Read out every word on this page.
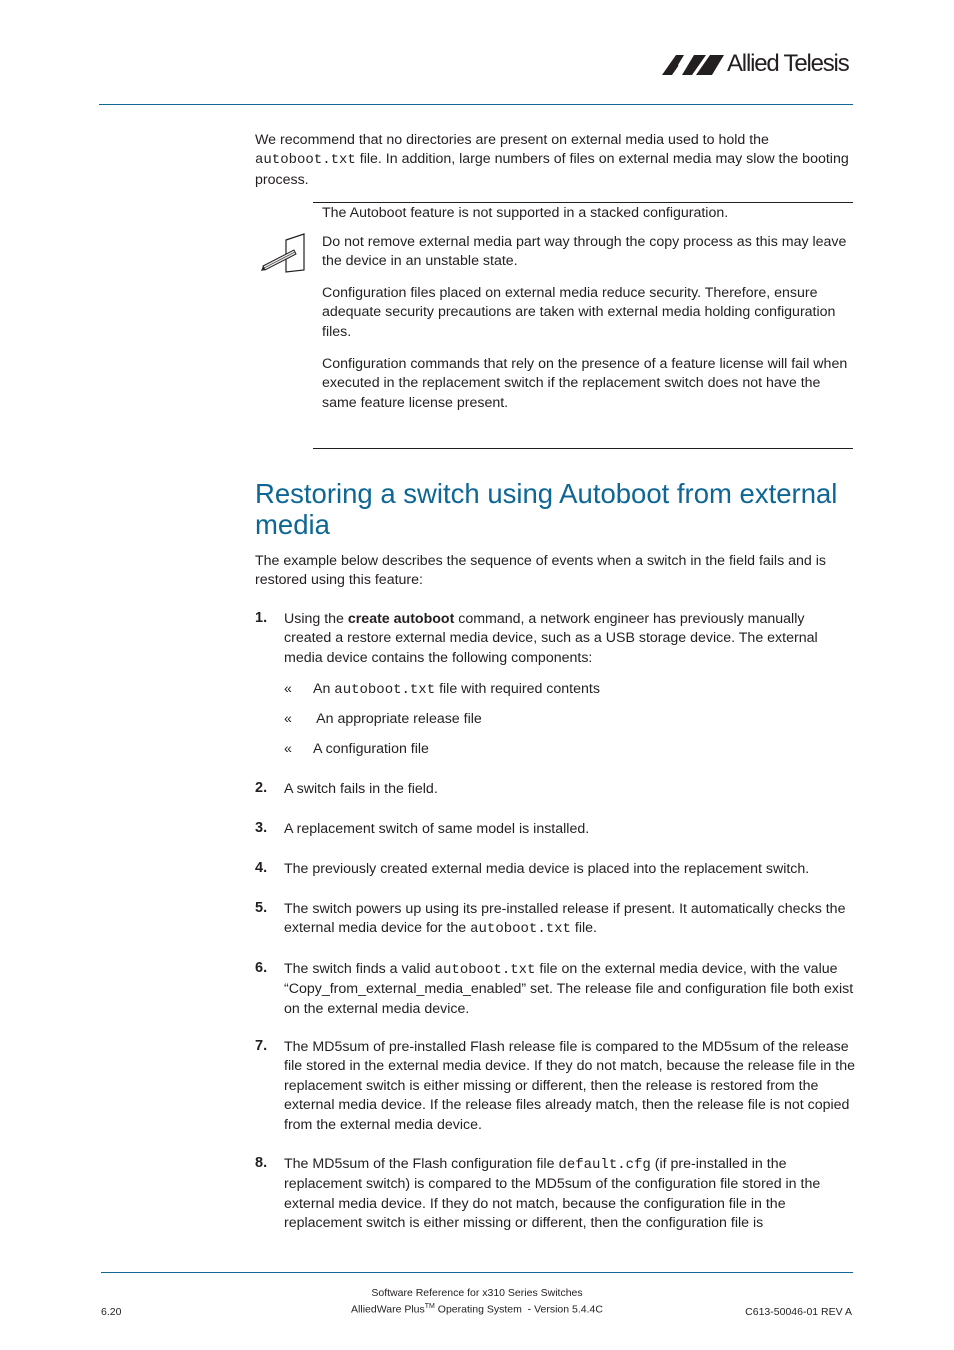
Allied Telesis

We recommend that no directories are present on external media used to hold the autoboot.txt file. In addition, large numbers of files on external media may slow the booting process.

The Autoboot feature is not supported in a stacked configuration.

Do not remove external media part way through the copy process as this may leave the device in an unstable state.

Configuration files placed on external media reduce security. Therefore, ensure adequate security precautions are taken with external media holding configuration files.

Configuration commands that rely on the presence of a feature license will fail when executed in the replacement switch if the replacement switch does not have the same feature license present.

Restoring a switch using Autoboot from external media

The example below describes the sequence of events when a switch in the field fails and is restored using this feature:

1. Using the create autoboot command, a network engineer has previously manually created a restore external media device, such as a USB storage device. The external media device contains the following components:
« An autoboot.txt file with required contents
« An appropriate release file
« A configuration file
2. A switch fails in the field.
3. A replacement switch of same model is installed.
4. The previously created external media device is placed into the replacement switch.
5. The switch powers up using its pre-installed release if present. It automatically checks the external media device for the autoboot.txt file.
6. The switch finds a valid autoboot.txt file on the external media device, with the value “Copy_from_external_media_enabled” set. The release file and configuration file both exist on the external media device.
7. The MD5sum of pre-installed Flash release file is compared to the MD5sum of the release file stored in the external media device. If they do not match, because the release file in the replacement switch is either missing or different, then the release is restored from the external media device. If the release files already match, then the release file is not copied from the external media device.
8. The MD5sum of the Flash configuration file default.cfg (if pre-installed in the replacement switch) is compared to the MD5sum of the configuration file stored in the external media device. If they do not match, because the configuration file in the replacement switch is either missing or different, then the configuration file is
Software Reference for x310 Series Switches
6.20	AlliedWare Plus™ Operating System  - Version 5.4.4C	C613-50046-01 REV A
